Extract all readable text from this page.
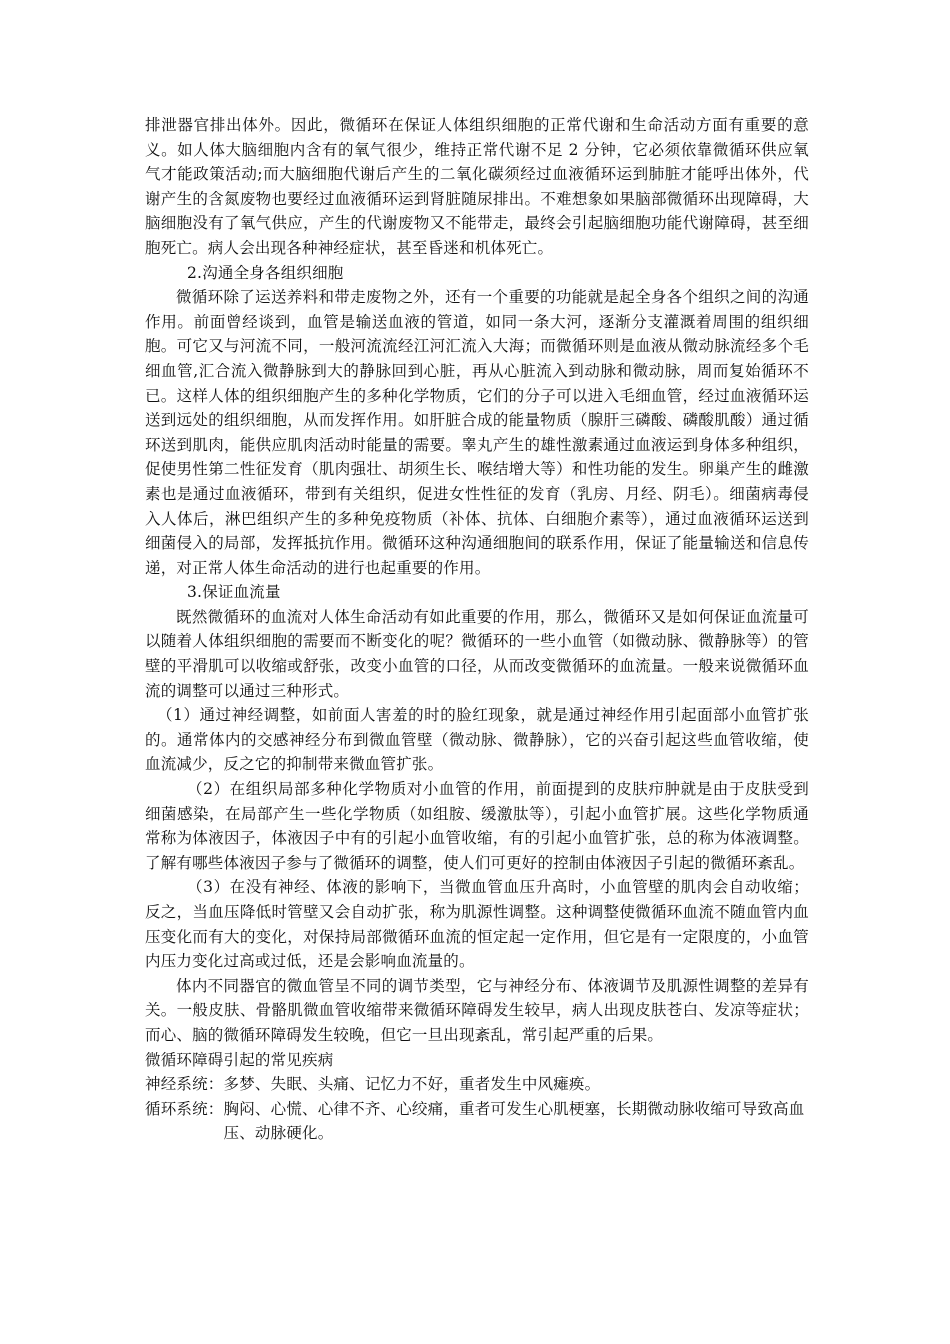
排泄器官排出体外。因此，微循环在保证人体组织细胞的正常代谢和生命活动方面有重要的意义。如人体大脑细胞内含有的氧气很少，维持正常代谢不足 2 分钟，它必须依靠微循环供应氧气才能政策活动;而大脑细胞代谢后产生的二氧化碳须经过血液循环运到肺脏才能呼出体外，代谢产生的含氮废物也要经过血液循环运到肾脏随尿排出。不难想象如果脑部微循环出现障碍，大脑细胞没有了氧气供应，产生的代谢废物又不能带走，最终会引起脑细胞功能代谢障碍，甚至细胞死亡。病人会出现各种神经症状，甚至昏迷和机体死亡。

2.沟通全身各组织细胞

微循环除了运送养料和带走废物之外，还有一个重要的功能就是起全身各个组织之间的沟通作用。前面曾经谈到，血管是输送血液的管道，如同一条大河，逐渐分支灌溉着周围的组织细胞。可它又与河流不同，一般河流流经江河汇流入大海；而微循环则是血液从微动脉流经多个毛细血管,汇合流入微静脉到大的静脉回到心脏，再从心脏流入到动脉和微动脉，周而复始循环不已。这样人体的组织细胞产生的多种化学物质，它们的分子可以进入毛细血管，经过血液循环运送到远处的组织细胞，从而发挥作用。如肝脏合成的能量物质（腺肝三磷酸、磷酸肌酸）通过循环送到肌肉，能供应肌肉活动时能量的需要。睾丸产生的雄性激素通过血液运到身体多种组织，促使男性第二性征发育（肌肉强壮、胡须生长、喉结增大等）和性功能的发生。卵巢产生的雌激素也是通过血液循环，带到有关组织，促进女性性征的发育（乳房、月经、阴毛）。细菌病毒侵入人体后，淋巴组织产生的多种免疫物质（补体、抗体、白细胞介素等），通过血液循环运送到细菌侵入的局部，发挥抵抗作用。微循环这种沟通细胞间的联系作用，保证了能量输送和信息传递，对正常人体生命活动的进行也起重要的作用。

3.保证血流量

既然微循环的血流对人体生命活动有如此重要的作用，那么，微循环又是如何保证血流量可以随着人体组织细胞的需要而不断变化的呢？微循环的一些小血管（如微动脉、微静脉等）的管壁的平滑肌可以收缩或舒张，改变小血管的口径，从而改变微循环的血流量。一般来说微循环血流的调整可以通过三种形式。

（1）通过神经调整，如前面人害羞的时的脸红现象，就是通过神经作用引起面部小血管扩张的。通常体内的交感神经分布到微血管壁（微动脉、微静脉），它的兴奋引起这些血管收缩，使血流减少，反之它的抑制带来微血管扩张。

（2）在组织局部多种化学物质对小血管的作用，前面提到的皮肤疖肿就是由于皮肤受到细菌感染，在局部产生一些化学物质（如组胺、缓激肽等），引起小血管扩展。这些化学物质通常称为体液因子，体液因子中有的引起小血管收缩，有的引起小血管扩张，总的称为体液调整。了解有哪些体液因子参与了微循环的调整，使人们可更好的控制由体液因子引起的微循环紊乱。

（3）在没有神经、体液的影响下，当微血管血压升高时，小血管壁的肌肉会自动收缩；反之，当血压降低时管壁又会自动扩张，称为肌源性调整。这种调整使微循环血流不随血管内血压变化而有大的变化，对保持局部微循环血流的恒定起一定作用，但它是有一定限度的，小血管内压力变化过高或过低，还是会影响血流量的。

体内不同器官的微血管呈不同的调节类型，它与神经分布、体液调节及肌源性调整的差异有关。一般皮肤、骨骼肌微血管收缩带来微循环障碍发生较早，病人出现皮肤苍白、发凉等症状；而心、脑的微循环障碍发生较晚，但它一旦出现紊乱，常引起严重的后果。

微循环障碍引起的常见疾病

神经系统： 多梦、失眠、头痛、记忆力不好，重者发生中风瘫痪。
循环系统： 胸闷、心慌、心律不齐、心绞痛，重者可发生心肌梗塞，长期微动脉收缩可导致高血压、动脉硬化。
